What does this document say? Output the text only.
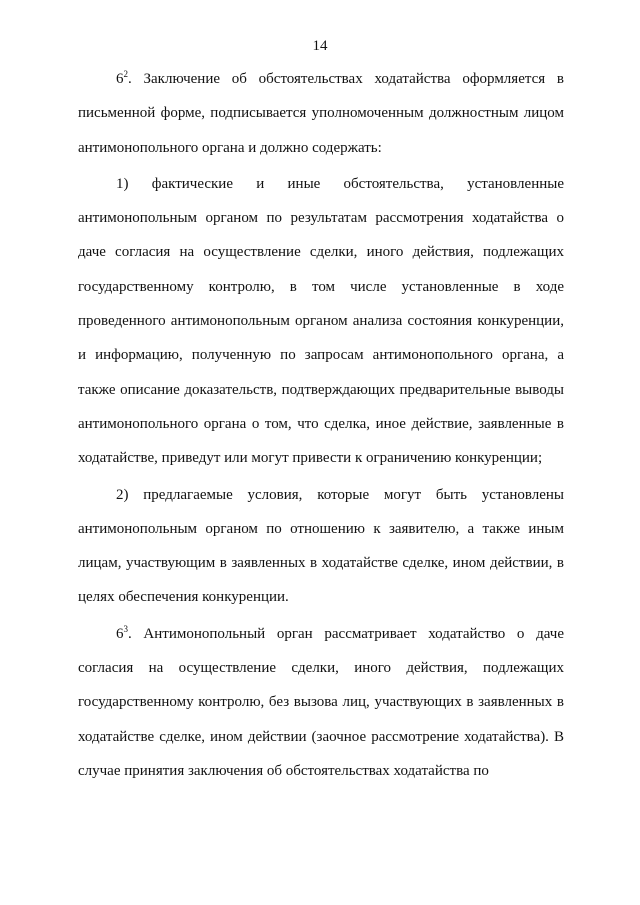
14

$6^2$. Заключение об обстоятельствах ходатайства оформляется в письменной форме, подписывается уполномоченным должностным лицом антимонопольного органа и должно содержать:

1) фактические и иные обстоятельства, установленные антимонопольным органом по результатам рассмотрения ходатайства о даче согласия на осуществление сделки, иного действия, подлежащих государственному контролю, в том числе установленные в ходе проведенного антимонопольным органом анализа состояния конкуренции, и информацию, полученную по запросам антимонопольного органа, а также описание доказательств, подтверждающих предварительные выводы антимонопольного органа о том, что сделка, иное действие, заявленные в ходатайстве, приведут или могут привести к ограничению конкуренции;

2) предлагаемые условия, которые могут быть установлены антимонопольным органом по отношению к заявителю, а также иным лицам, участвующим в заявленных в ходатайстве сделке, ином действии, в целях обеспечения конкуренции.

$6^3$. Антимонопольный орган рассматривает ходатайство о даче согласия на осуществление сделки, иного действия, подлежащих государственному контролю, без вызова лиц, участвующих в заявленных в ходатайстве сделке, ином действии (заочное рассмотрение ходатайства). В случае принятия заключения об обстоятельствах ходатайства по
